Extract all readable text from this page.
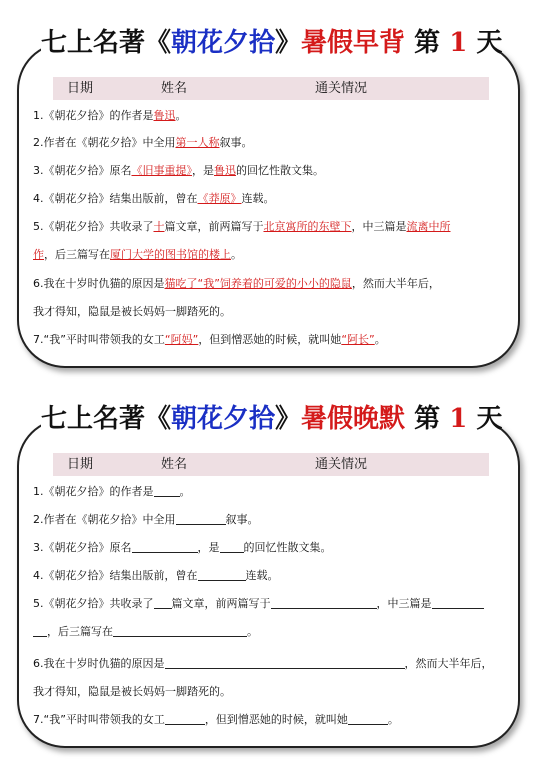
七上名著《朝花夕拾》暑假早背 第 1 天
日期	姓名	通关情况
1.《朝花夕拾》的作者是鲁迅。
2.作者在《朝花夕拾》中全用第一人称叙事。
3.《朝花夕拾》原名《旧事重提》，是鲁迅的回忆性散文集。
4.《朝花夕拾》结集出版前，曾在《莽原》连载。
5.《朝花夕拾》共收录了十篇文章，前两篇写于北京寓所的东壁下，中三篇是流离中所
作，后三篇写在厦门大学的图书馆的楼上。
6.我在十岁时仇猫的原因是猫吃了“我”饲养着的可爱的小小的隐鼠，然而大半年后，
我才得知，隐鼠是被长妈妈一脚踏死的。
7.“我”平时叫带领我的女工“阿妈”，但到憎恶她的时候，就叫她“阿长”。
七上名著《朝花夕拾》暑假晚默 第 1 天
日期	姓名	通关情况
1.《朝花夕拾》的作者是 。
2.作者在《朝花夕拾》中全用	叙事。
3.《朝花夕拾》原名	，是 的回忆性散文集。
4.《朝花夕拾》结集出版前，曾在	连载。
5.《朝花夕拾》共收录了 篇文章，前两篇写于	，中三篇是
，后三篇写在	。
6.我在十岁时仇猫的原因是	，然而大半年后，
我才得知，隐鼠是被长妈妈一脚踏死的。
7.“我”平时叫带领我的女工	，但到憎恶她的时候，就叫她	。
